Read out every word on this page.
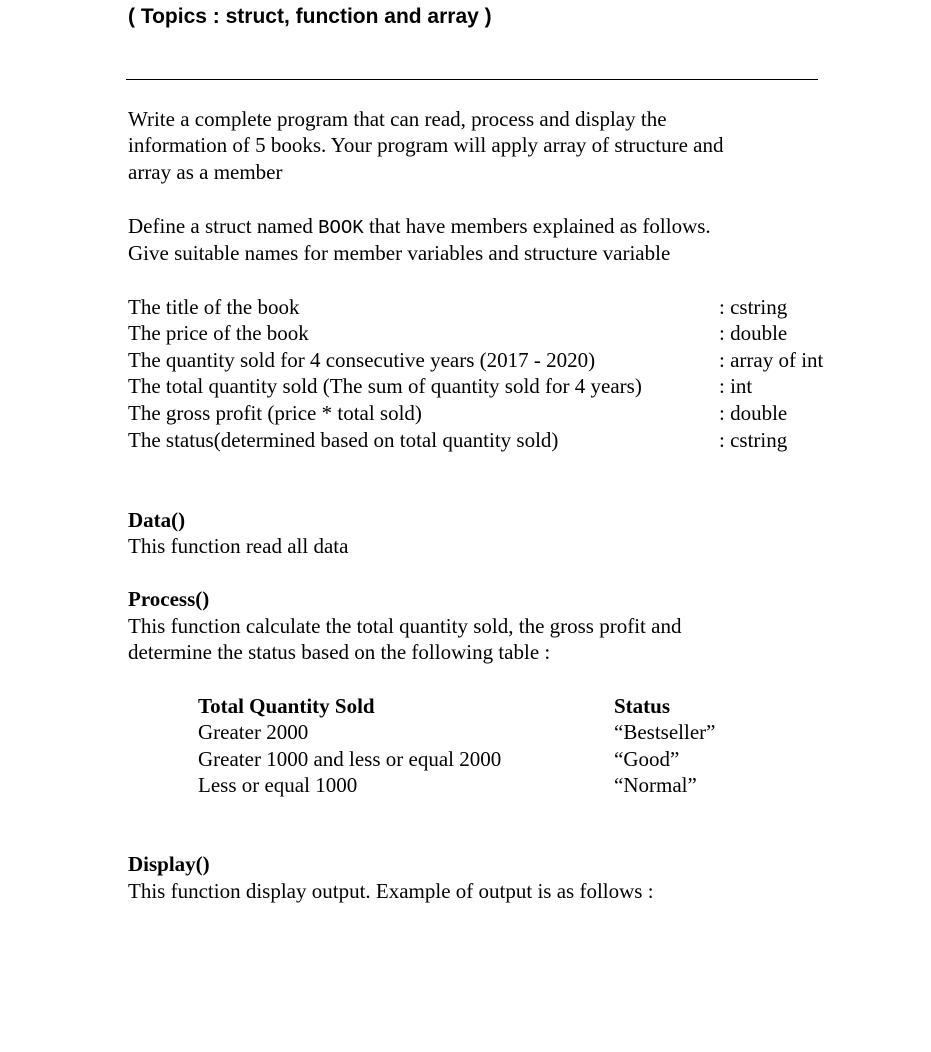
( Topics : struct, function and array )
Write a complete program that can read, process and display the
information of 5 books. Your program will apply array of structure and
array as a member
Define a struct named BOOK that have members explained as follows.
Give suitable names for member variables and structure variable
The title of the book	: cstring
The price of the book	: double
The quantity sold for 4 consecutive years (2017 - 2020)	: array of int
The total quantity sold (The sum of quantity sold for 4 years)	: int
The gross profit (price * total sold)	: double
The status(determined based on total quantity sold)	: cstring
Data()
This function read all data
Process()
This function calculate the total quantity sold, the gross profit and
determine the status based on the following table :
Total Quantity Sold	Status
Greater 2000	“Bestseller”
Greater 1000 and less or equal 2000	“Good”
Less or equal 1000	“Normal”
Display()
This function display output. Example of output is as follows :
